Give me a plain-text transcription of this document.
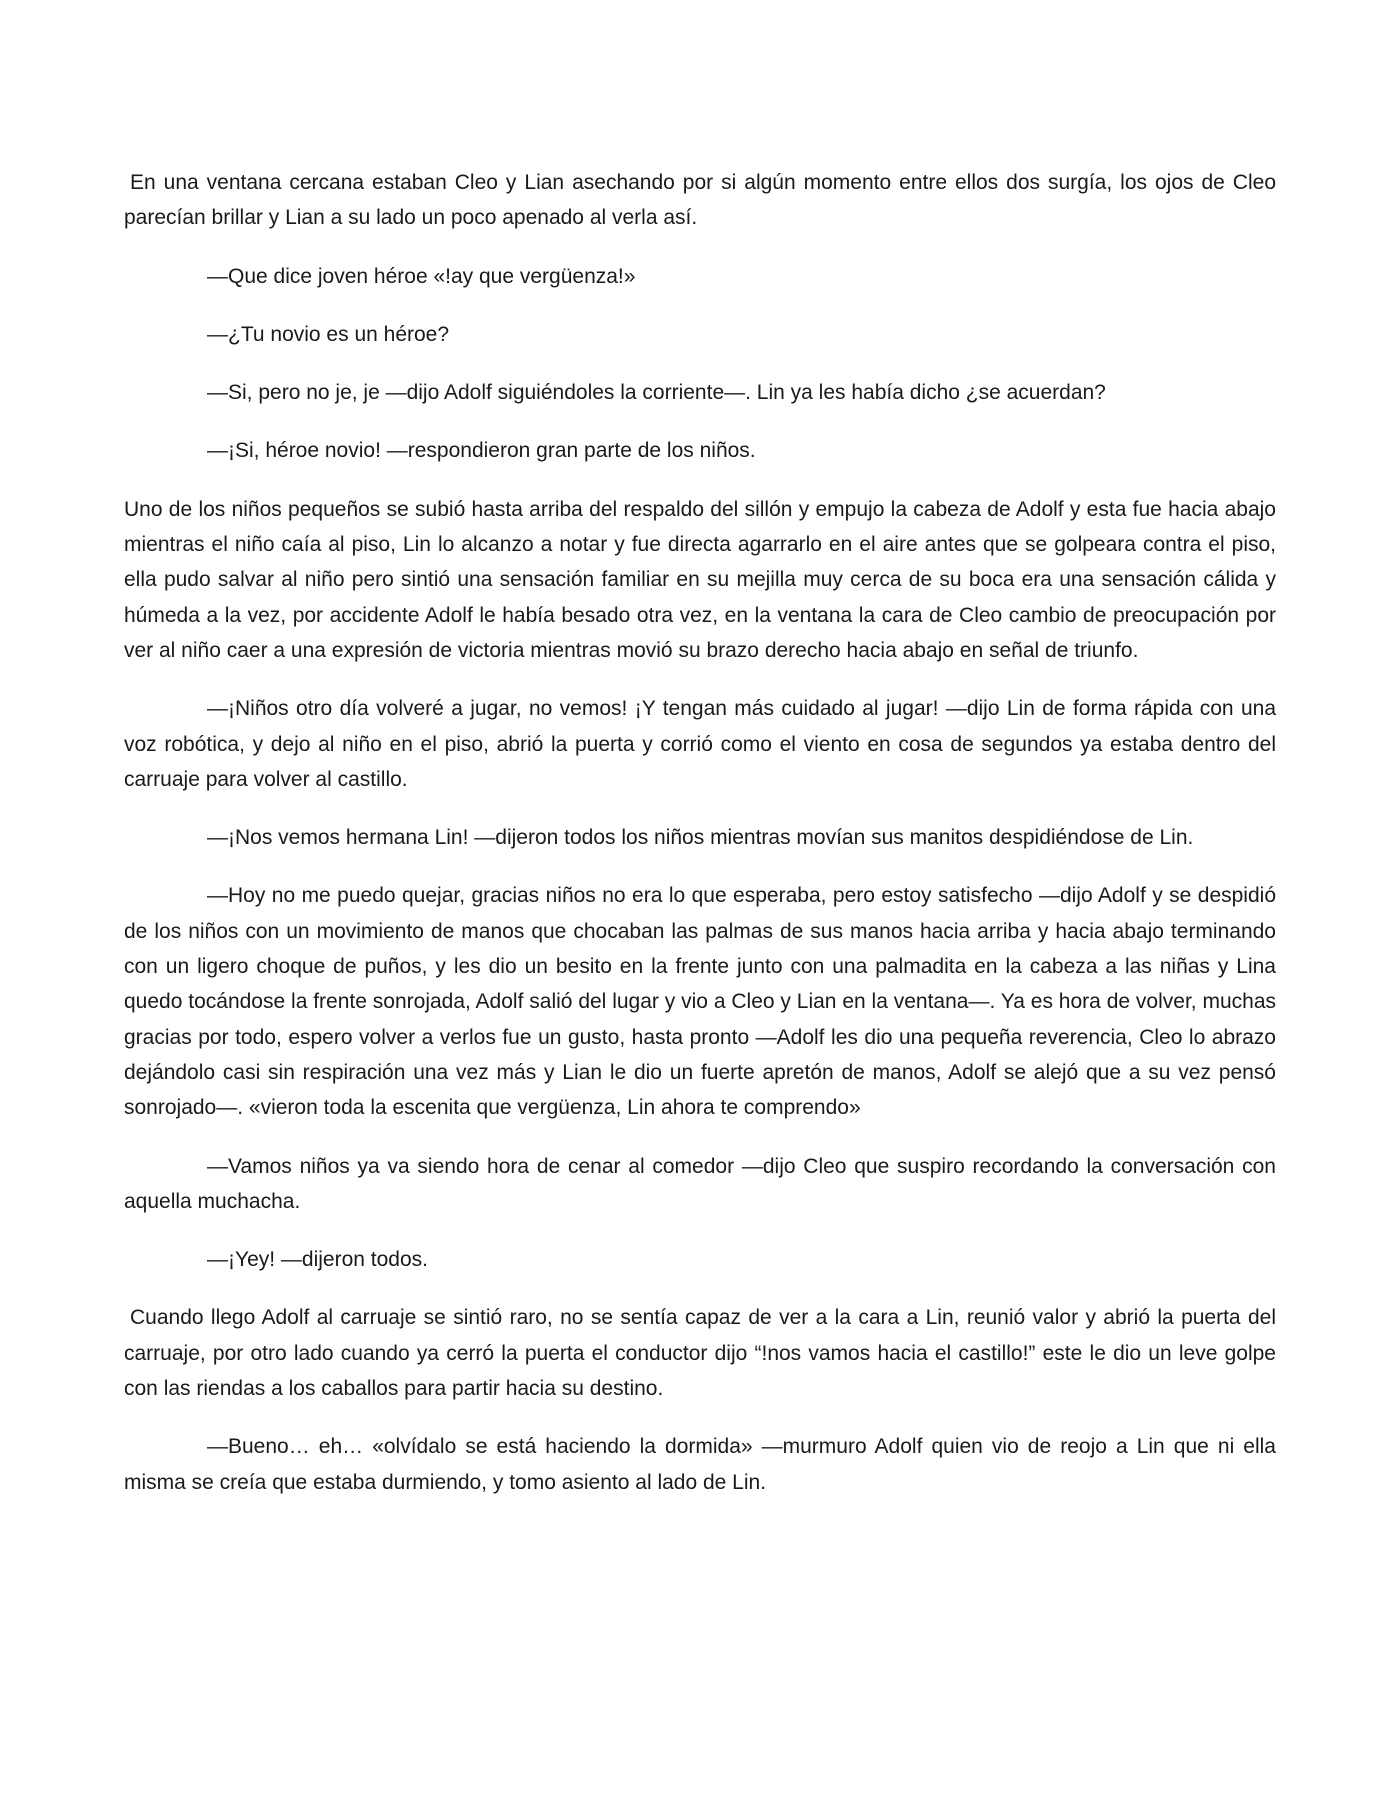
En una ventana cercana estaban Cleo y Lian asechando por si algún momento entre ellos dos surgía, los ojos de Cleo parecían brillar y Lian a su lado un poco apenado al verla así.

—Que dice joven héroe «!ay que vergüenza!»

—¿Tu novio es un héroe?

—Si, pero no je, je —dijo Adolf siguiéndoles la corriente—. Lin ya les había dicho ¿se acuerdan?

—¡Si, héroe novio! —respondieron gran parte de los niños.

Uno de los niños pequeños se subió hasta arriba del respaldo del sillón y empujo la cabeza de Adolf y esta fue hacia abajo mientras el niño caía al piso, Lin lo alcanzo a notar y fue directa agarrarlo en el aire antes que se golpeara contra el piso, ella pudo salvar al niño pero sintió una sensación familiar en su mejilla muy cerca de su boca era una sensación cálida y húmeda a la vez, por accidente Adolf le había besado otra vez, en la ventana la cara de Cleo cambio de preocupación por ver al niño caer a una expresión de victoria mientras movió su brazo derecho hacia abajo en señal de triunfo.

—¡Niños otro día volveré a jugar, no vemos! ¡Y tengan más cuidado al jugar! —dijo Lin de forma rápida con una voz robótica, y dejo al niño en el piso, abrió la puerta y corrió como el viento en cosa de segundos ya estaba dentro del carruaje para volver al castillo.

—¡Nos vemos hermana Lin! —dijeron todos los niños mientras movían sus manitos despidiéndose de Lin.

—Hoy no me puedo quejar, gracias niños no era lo que esperaba, pero estoy satisfecho —dijo Adolf y se despidió de los niños con un movimiento de manos que chocaban las palmas de sus manos hacia arriba y hacia abajo terminando con un ligero choque de puños, y les dio un besito en la frente junto con una palmadita en la cabeza a las niñas y Lina quedo tocándose la frente sonrojada, Adolf salió del lugar y vio a Cleo y Lian en la ventana—. Ya es hora de volver, muchas gracias por todo, espero volver a verlos fue un gusto, hasta pronto —Adolf les dio una pequeña reverencia, Cleo lo abrazo dejándolo casi sin respiración una vez más y Lian le dio un fuerte apretón de manos, Adolf se alejó que a su vez pensó sonrojado—. «vieron toda la escenita que vergüenza, Lin ahora te comprendo»

—Vamos niños ya va siendo hora de cenar al comedor —dijo Cleo que suspiro recordando la conversación con aquella muchacha.

—¡Yey! —dijeron todos.

Cuando llego Adolf al carruaje se sintió raro, no se sentía capaz de ver a la cara a Lin, reunió valor y abrió la puerta del carruaje, por otro lado cuando ya cerró la puerta el conductor dijo “!nos vamos hacia el castillo!” este le dio un leve golpe con las riendas a los caballos para partir hacia su destino.

—Bueno… eh… «olvídalo se está haciendo la dormida» —murmuro Adolf quien vio de reojo a Lin que ni ella misma se creía que estaba durmiendo, y tomo asiento al lado de Lin.
